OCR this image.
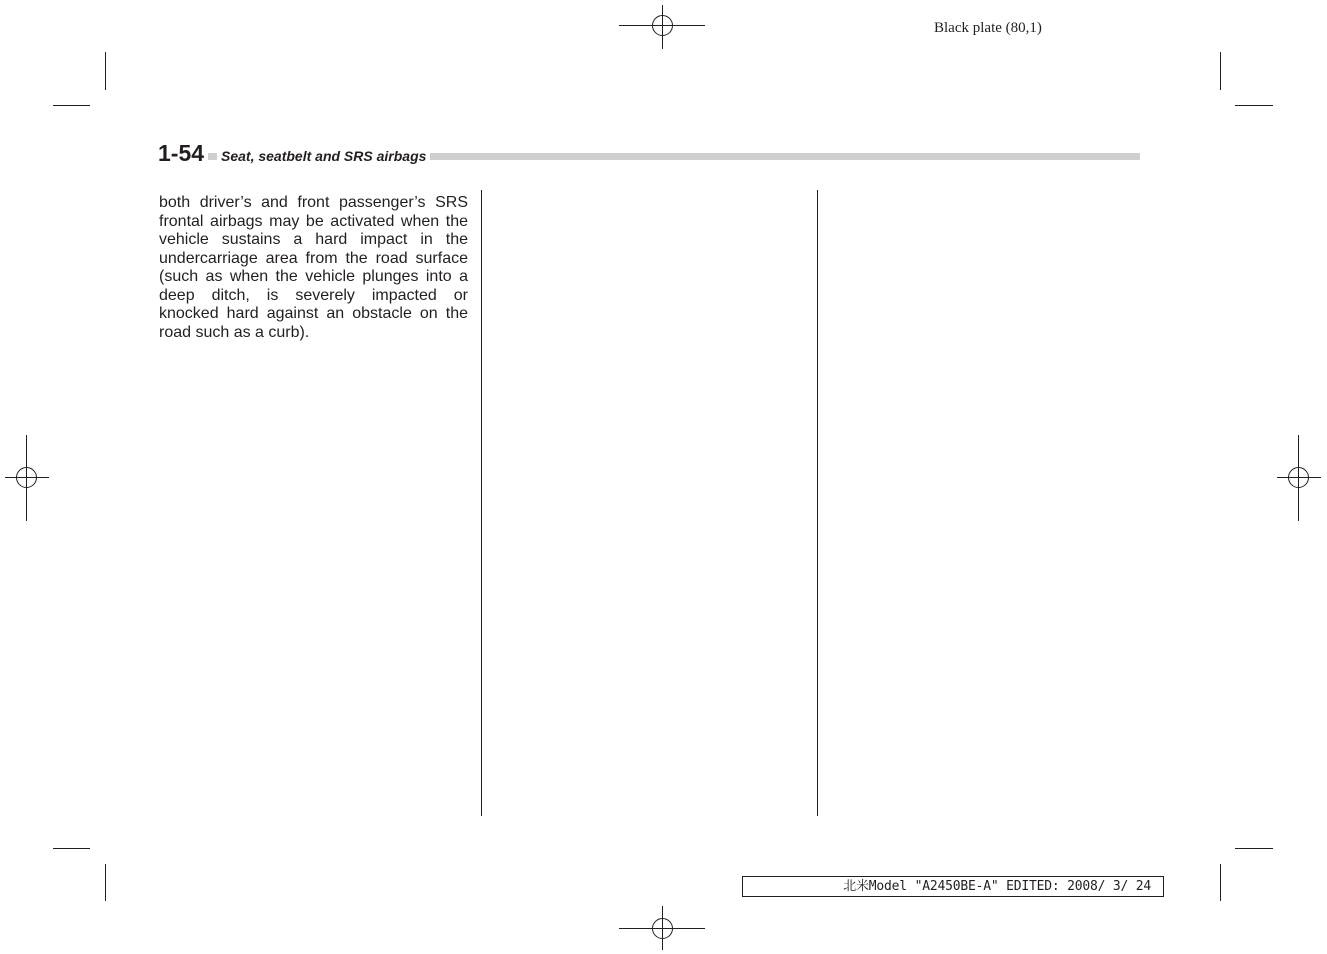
Black plate (80,1)
1-54 Seat, seatbelt and SRS airbags

both driver’s and front passenger’s SRS frontal airbags may be activated when the vehicle sustains a hard impact in the undercarriage area from the road surface (such as when the vehicle plunges into a deep ditch, is severely impacted or knocked hard against an obstacle on the road such as a curb).

北米Model "A2450BE-A" EDITED: 2008/ 3/ 24
